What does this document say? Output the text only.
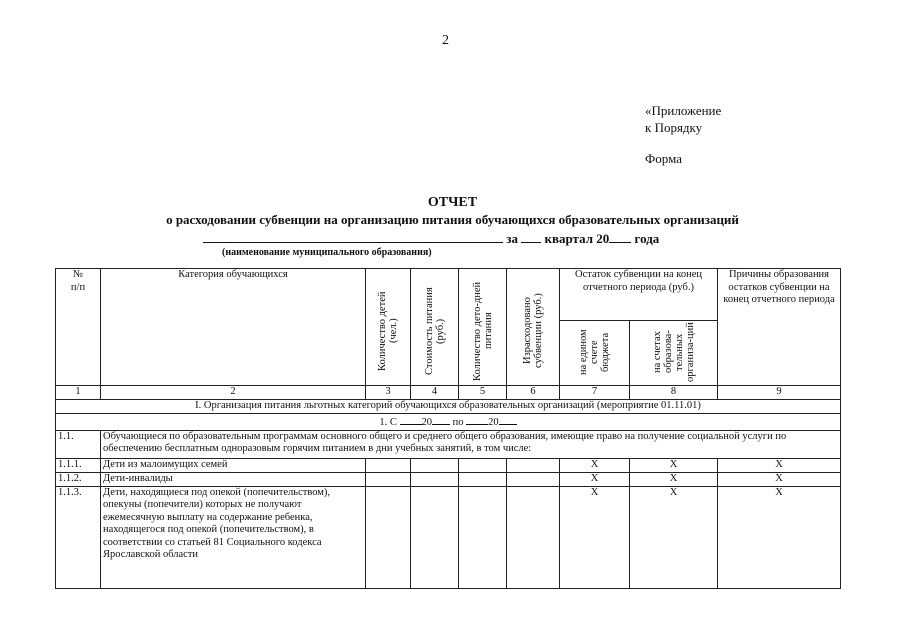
2
«Приложение
к Порядку
Форма
ОТЧЕТ
о расходовании субвенции на организацию питания обучающихся образовательных организаций
за квартал 20 года
(наименование муниципального образования)
№
п/п	Категория обучающихся	Количество детей (чел.)	Стоимость питания (руб.)	Количество дето-дней питания	Израсходовано субвенции (руб.)	Остаток субвенции на конец отчетного периода (руб.)		Причины образования остатков субвенции на конец отчетного периода

						на едином счете бюджета	на счетах образова-тельных организа-ций	

1	2	3	4	5	6	7	8	9
I. Организация питания льготных категорий обучающихся образовательных организаций (мероприятие 01.11.01)								
1. С 20 по 20								
1.1.	Обучающиеся по образовательным программам основного общего и среднего общего образования, имеющие право на получение социальной услуги по обеспечению бесплатным одноразовым горячим питанием в дни учебных занятий, в том числе:							
1.1.1.	Дети из малоимущих семей					Х	Х	Х
1.1.2.	Дети-инвалиды					Х	Х	Х
1.1.3.	Дети, находящиеся под опекой (попечительством), опекуны (попечители) которых не получают ежемесячную выплату на содержание ребенка, находящегося под опекой (попечительством), в соответствии со статьей 81 Социального кодекса Ярославской области					Х	Х	Х
